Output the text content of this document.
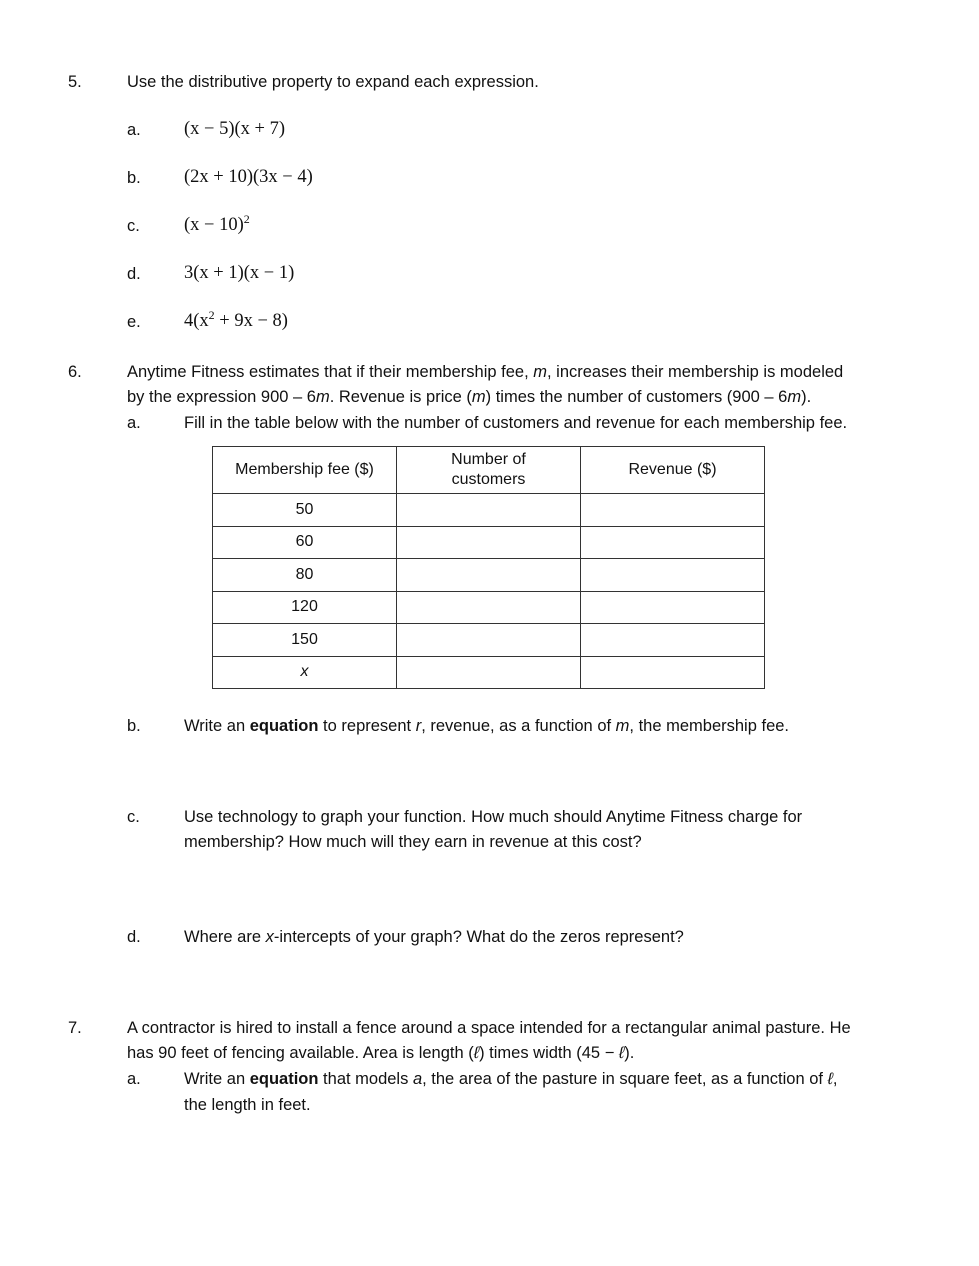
5.	Use the distributive property to expand each expression.
a. (x − 5)(x + 7)
b. (2x + 10)(3x − 4)
c. $(x - 10)^2$
d. 3(x + 1)(x − 1)
e. $4(x^2 + 9x - 8)$
6.	Anytime Fitness estimates that if their membership fee, m, increases their membership is modeled
by the expression 900 – 6m. Revenue is price (m) times the number of customers (900 – 6m).
a.	Fill in the table below with the number of customers and revenue for each membership fee.
Membership fee ($)	Number of customers	Revenue ($)
50		
60		
80		
120		
150		
x		
b.	Write an equation to represent r, revenue, as a function of m, the membership fee.
c.	Use technology to graph your function. How much should Anytime Fitness charge for
membership? How much will they earn in revenue at this cost?
d.	Where are x-intercepts of your graph? What do the zeros represent?
7.	A contractor is hired to install a fence around a space intended for a rectangular animal pasture. He
has 90 feet of fencing available. Area is length (ℓ) times width (45 − ℓ).
a.	Write an equation that models a, the area of the pasture in square feet, as a function of ℓ,
the length in feet.
